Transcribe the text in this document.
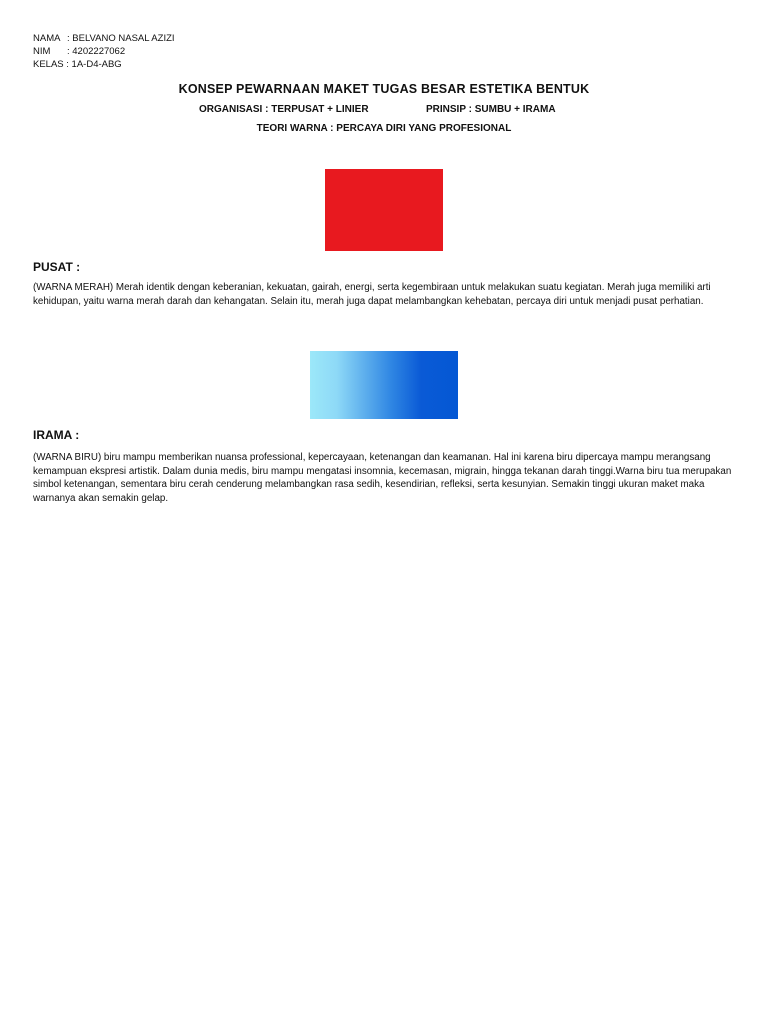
NAMA : BELVANO NASAL AZIZI
NIM : 4202227062
KELAS : 1A-D4-ABG
KONSEP PEWARNAAN MAKET TUGAS BESAR ESTETIKA BENTUK
ORGANISASI : TERPUSAT + LINIER	PRINSIP : SUMBU + IRAMA
TEORI WARNA : PERCAYA DIRI YANG PROFESIONAL
PUSAT :
(WARNA MERAH) Merah identik dengan keberanian, kekuatan, gairah, energi, serta kegembiraan untuk melakukan suatu kegiatan. Merah juga memiliki arti kehidupan, yaitu warna merah darah dan kehangatan. Selain itu, merah juga dapat melambangkan kehebatan, percaya diri untuk menjadi pusat perhatian.
IRAMA :
(WARNA BIRU) biru mampu memberikan nuansa professional, kepercayaan, ketenangan dan keamanan. Hal ini karena biru dipercaya mampu merangsang kemampuan ekspresi artistik. Dalam dunia medis, biru mampu mengatasi insomnia, kecemasan, migrain, hingga tekanan darah tinggi.Warna biru tua merupakan simbol ketenangan, sementara biru cerah cenderung melambangkan rasa sedih, kesendirian, refleksi, serta kesunyian. Semakin tinggi ukuran maket maka warnanya akan semakin gelap.
